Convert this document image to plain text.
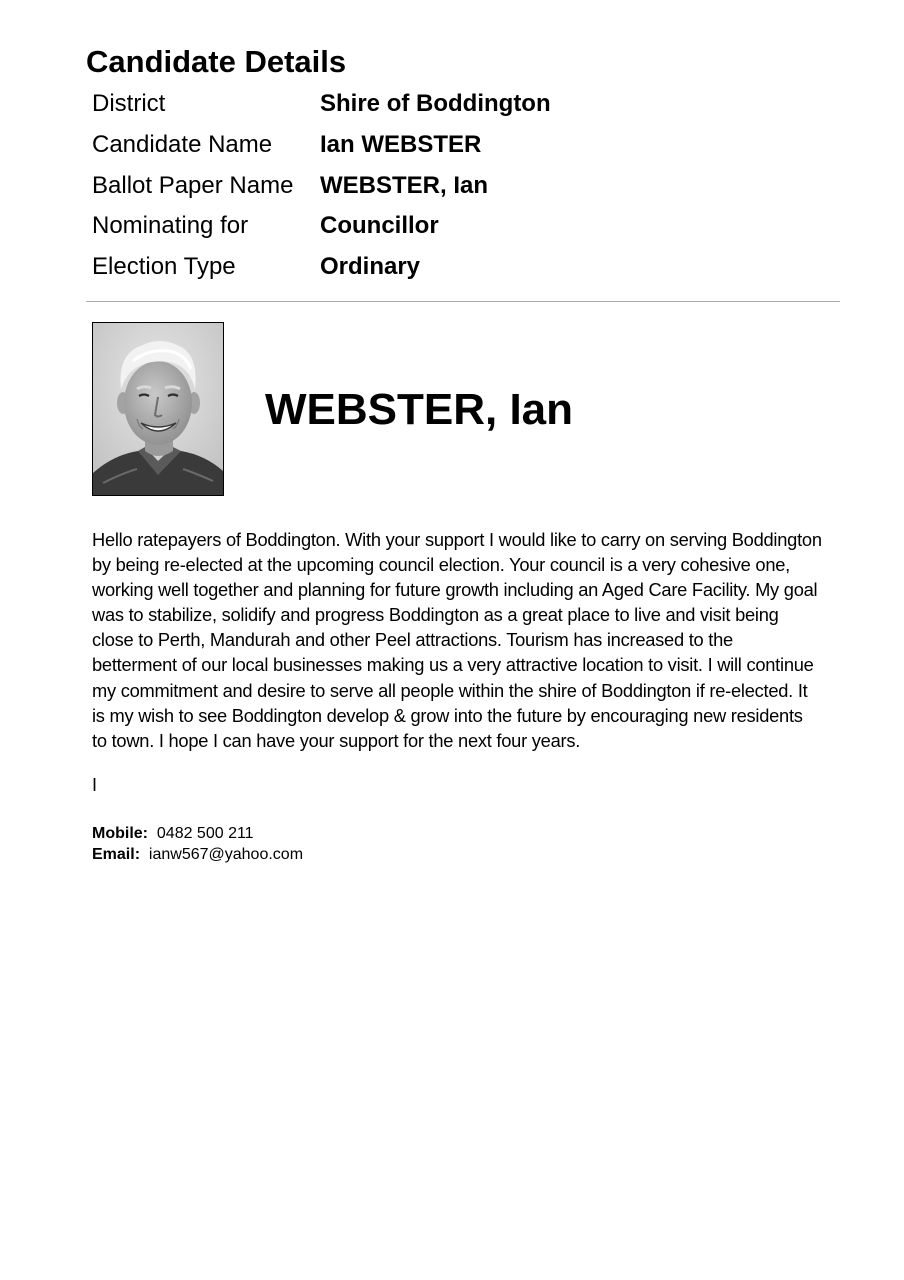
Candidate Details
District	Shire of Boddington
Candidate Name	Ian WEBSTER
Ballot Paper Name	WEBSTER, Ian
Nominating for	Councillor
Election Type	Ordinary
WEBSTER, Ian

Hello ratepayers of Boddington. With your support I would like to carry on serving Boddington by being re-elected at the upcoming council election. Your council is a very cohesive one, working well together and planning for future growth including an Aged Care Facility. My goal was to stabilize, solidify and progress Boddington as a great place to live and visit being close to Perth, Mandurah and other Peel attractions. Tourism has increased to the betterment of our local businesses making us a very attractive location to visit. I will continue my commitment and desire to serve all people within the shire of Boddington if re-elected. It is my wish to see Boddington develop & grow into the future by encouraging new residents to town. I hope I can have your support for the next four years.

I
Mobile:  0482 500 211
Email:  ianw567@yahoo.com
